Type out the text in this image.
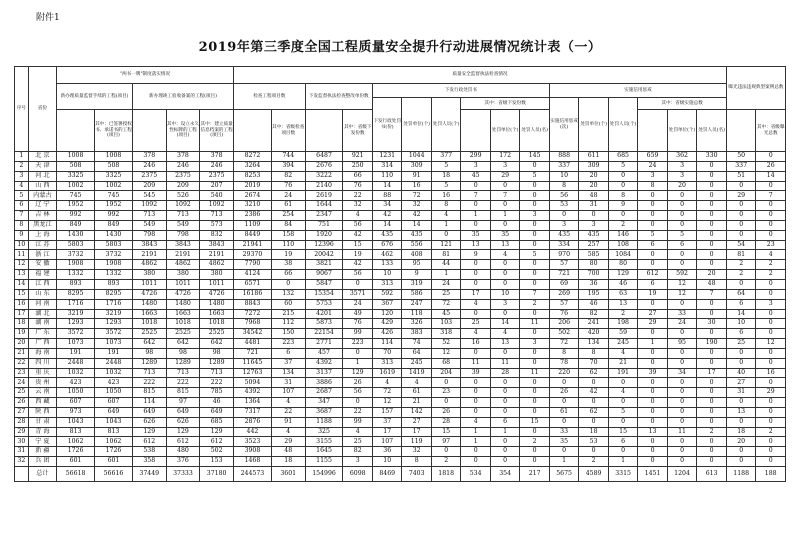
附件1
2019年第三季度全国工程质量安全提升行动进展情况统计表（一）
序号	省份	"两书一牌"制度落实情况					质量安全监督执法检查情况																曝光违法违规典型案例总数	
		新办理质量监督手续的工程(项目)		新办理竣工验收备案的工程(项目)			检查工程项目数		下发监督执法检查整改单份数		下发行政处罚书						实施信用惩戒							
											下发行政处罚书(份)	处罚单位(个)	处罚人员(个)	其中：省级下发份数			实施信用惩戒(次)	处罚单位(个)	处罚人员(个)	其中：省级实施总数				
			其中：已签署授权书、承诺书的工程(项目)		其中：设立永久性标牌的工程(项目)	其中：建立质量信息档案的工程(项目)		其中：省级检查项目数		其中：省级下发份数					处罚单位(个)	处罚人员(名)					处罚单位(个)	处罚人员(名)		其中：省级曝光总数
1	北 京	1008	1008	378	378	378	8272	744	6487	921	1231	1044	377	299	172	145	888	611	685	659	362	330	50	0
2	天 津	508	508	246	246	246	3264	394	2676	250	314	309	5	3	3	0	337	309	5	24	3	0	337	26
3	河 北	3325	3325	2375	2375	2375	8253	82	3222	66	110	91	18	45	29	5	10	20	0	3	3	0	51	14
4	山 西	1002	1002	209	209	207	2019	76	2140	76	14	16	5	0	0	0	8	20	0	8	20	0	0	0
5	内蒙古	745	745	545	526	540	2674	24	2619	22	88	72	16	7	7	0	56	48	8	0	0	0	29	7
6	辽 宁	1952	1952	1092	1092	1092	3210	61	1644	32	34	32	8	0	0	0	53	31	9	0	0	0	0	0
7	吉 林	992	992	713	713	713	2386	254	2347	4	42	42	4	1	1	3	0	0	0	0	0	0	0	0
8	黑龙江	849	849	549	549	573	1109	84	751	56	14	14	1	0	0	0	3	3	2	0	0	0	0	0
9	上 海	1430	1430	798	798	832	8449	158	1920	42	435	435	0	35	35	0	435	435	146	5	5	0	0	0
10	江 苏	5803	5803	3843	3843	3843	21941	110	12396	15	676	556	121	13	13	0	334	257	108	6	6	0	54	23
11	浙 江	3732	3732	2191	2191	2191	29370	19	20042	19	462	408	81	9	4	5	970	585	1084	0	0	0	81	4
12	安 徽	1908	1908	4862	4862	4862	7790	38	3821	42	133	95	44	0	0	0	57	80	80	0	0	0	2	2
13	福 建	1332	1332	380	380	380	4124	66	9067	56	10	9	1	0	0	0	721	700	129	612	592	20	2	2
14	江 西	893	893	1011	1011	1011	6571	0	5847	0	313	319	24	0	0	0	69	36	46	6	12	48	0	0
15	山 东	8295	8295	4726	4726	4726	16186	132	15354	3571	592	586	25	17	10	7	269	195	63	19	12	7	64	0
16	河 南	1716	1716	1480	1480	1480	8843	60	5753	24	367	247	72	4	3	2	57	46	13	0	0	0	6	3
17	湖 北	3219	3219	1663	1663	1663	7272	215	4201	49	120	118	45	0	0	0	76	82	2	27	33	0	14	0
18	湖 南	1293	1293	1018	1018	1018	7968	112	5873	76	429	326	103	25	14	11	206	241	198	29	24	30	10	0
19	广 东	3572	3572	2525	2525	2525	34542	150	22154	99	426	383	318	4	4	0	502	420	59	0	0	0	6	0
20	广 西	1073	1073	642	642	642	4481	223	2771	223	114	74	52	16	13	3	72	134	245	1	95	190	25	12
21	海 南	191	191	98	98	98	721	6	457	0	70	64	12	0	0	0	8	8	4	0	0	0	0	0
22	四 川	2448	2448	1289	1289	1289	11645	37	4392	1	313	245	68	11	11	0	78	70	21	0	0	0	0	0
23	重 庆	1032	1032	713	713	713	12763	134	3137	129	1619	1419	204	39	28	11	220	62	191	39	34	17	40	16
24	贵 州	423	423	222	222	222	5094	31	3886	26	4	4	0	0	0	0	0	0	0	0	0	0	27	0
25	云 南	1050	1050	815	815	785	4392	107	2687	56	72	61	23	0	0	0	26	42	4	0	0	0	31	29
26	西 藏	607	607	114	97	46	1364	4	347	0	12	21	0	0	0	0	0	0	0	0	0	0	0	0
27	陕 西	973	649	649	649	649	7317	22	3687	22	157	142	26	0	0	0	61	62	5	0	0	0	13	0
28	甘 肃	1043	1043	626	626	685	2876	91	1188	99	37	27	28	4	6	15	0	0	0	0	0	0	0	0
29	青 海	813	813	129	129	129	442	4	325	4	17	17	15	1	1	0	33	18	15	13	11	2	18	2
30	宁 夏	1062	1062	612	612	612	3523	29	3155	25	107	119	97	1	0	2	35	53	6	0	0	0	20	0
31	新 疆	1726	1726	538	480	502	3908	48	1645	82	36	32	0	0	0	0	0	0	0	0	0	0	0	0
32	兵 团	601	601	358	376	153	1468	18	1155	3	10	8	2	0	0	0	1	2	1	0	0	0	0	0
	总计	56618	56616	37449	37333	37180	244573	3601	154996	6098	8469	7403	1818	534	354	217	5675	4589	3315	1451	1204	613	1188	188
